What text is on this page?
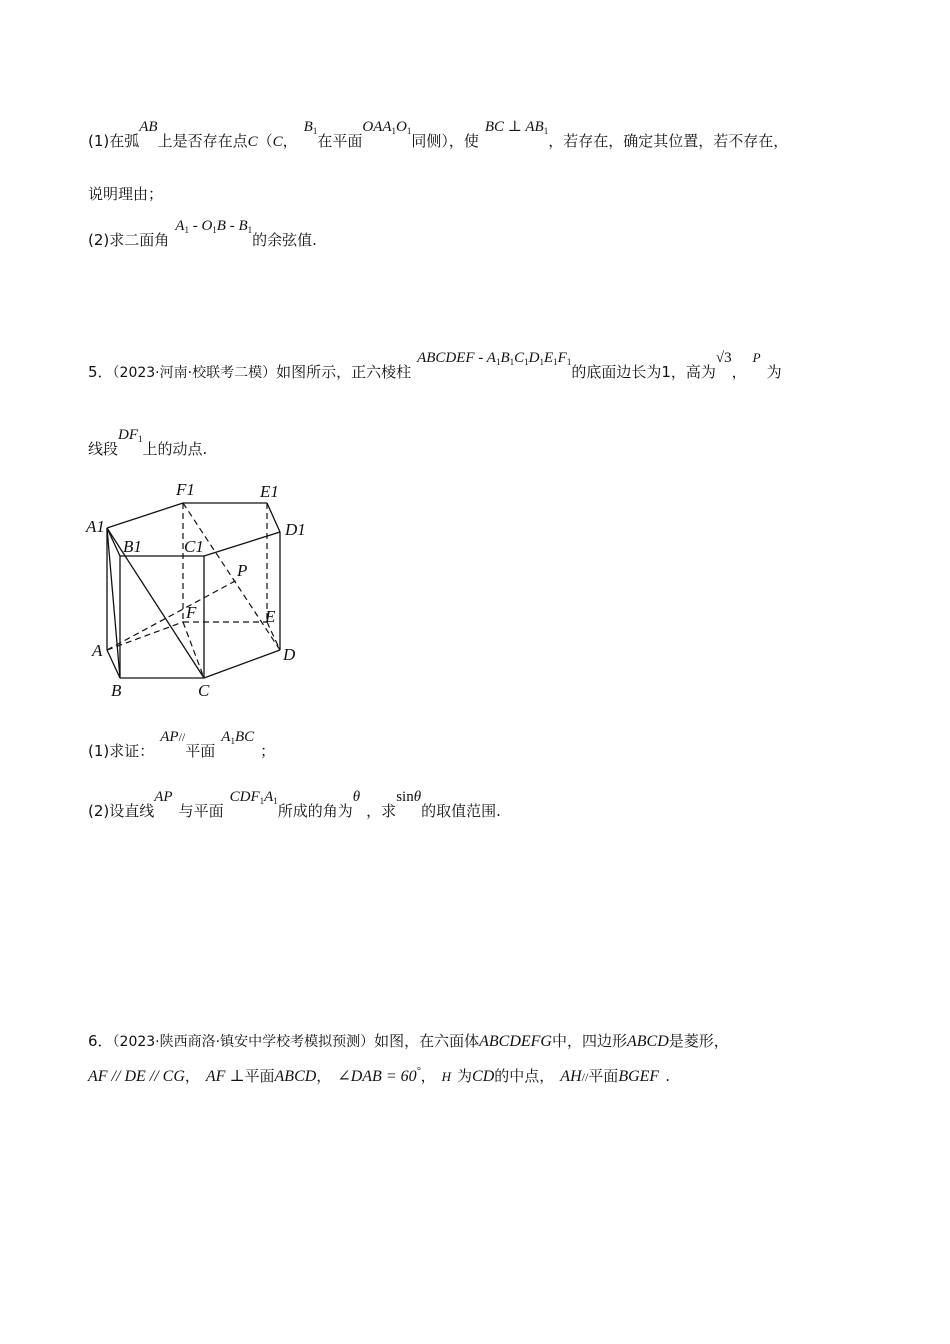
(1)在弧AB上是否存在点C（C，$B_1$在平面$OAA_1O_1$同侧），使BC ⊥ $AB_1$，若存在，确定其位置，若不存在，
说明理由；
(2)求二面角$A_1 - O_1B - B_1$的余弦值.
5．（2023·河南·校联考二模）如图所示，正六棱柱ABCDEF - $A_1B_1C_1D_1E_1F_1$的底面边长为1，高为√3，P为
线段$DF_1$上的动点.
F1	E1
A1	D1
B1 C1
P
F	E
A	D
B	C
(1)求证：AP//平面$A_1BC$；
(2)设直线AP与平面$CDF_1A_1$所成的角为θ，求sinθ的取值范围.
6．（2023·陕西商洛·镇安中学校考模拟预测）如图，在六面体ABCDEFG中，四边形ABCD是菱形，
AF // DE // CG， AF ⊥平面ABCD， ∠DAB = 60°， H 为CD的中点， AH//平面BGEF .
